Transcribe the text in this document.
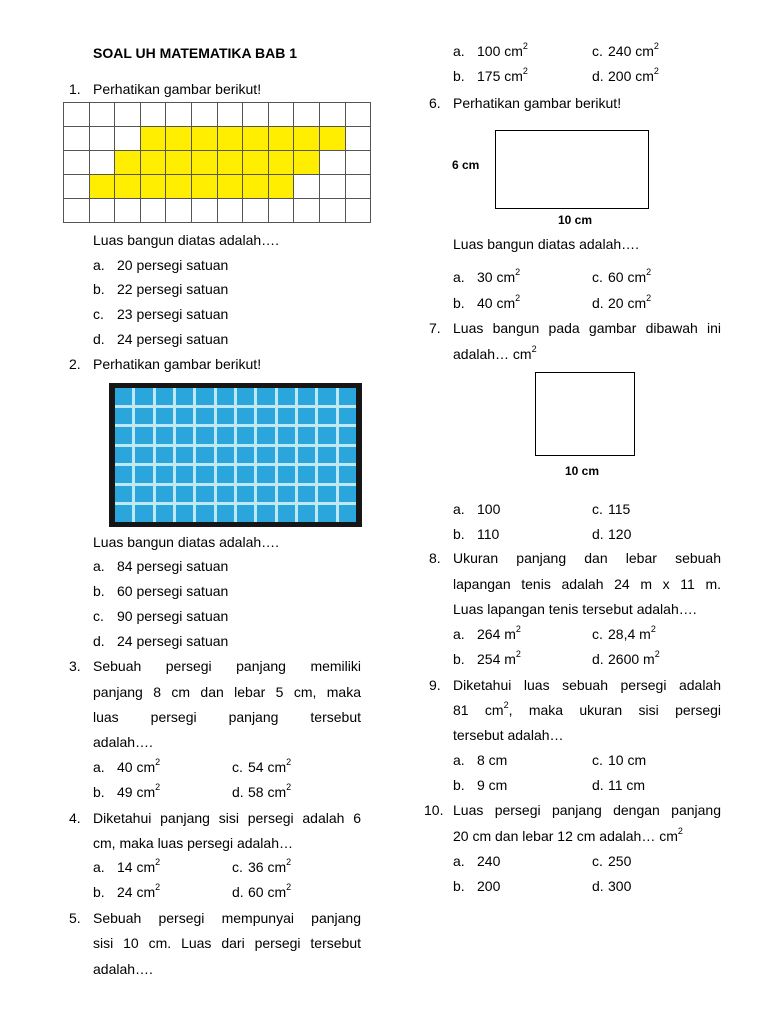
SOAL UH MATEMATIKA BAB 1
1. Perhatikan gambar berikut!

Luas bangun diatas adalah….
a. 20 persegi satuan
b. 22 persegi satuan
c. 23 persegi satuan
d. 24 persegi satuan
2. Perhatikan gambar berikut!
Luas bangun diatas adalah….
a. 84 persegi satuan
b. 60 persegi satuan
c. 90 persegi satuan
d. 24 persegi satuan
3. Sebuah persegi panjang memiliki
panjang 8 cm dan lebar 5 cm, maka
luas persegi panjang tersebut
adalah….
a. 40 $cm^2$	c. 54 $cm^2$
b. 49 $cm^2$	d. 58 $cm^2$
4. Diketahui panjang sisi persegi adalah 6
cm, maka luas persegi adalah…
a. 14 $cm^2$	c. 36 $cm^2$
b. 24 $cm^2$	d. 60 $cm^2$
5. Sebuah persegi mempunyai panjang
sisi 10 cm. Luas dari persegi tersebut
adalah….
a. 100 $cm^2$	c. 240 $cm^2$
b. 175 $cm^2$	d. 200 $cm^2$
6. Perhatikan gambar berikut!
6 cm
10 cm
Luas bangun diatas adalah….
a. 30 $cm^2$	c. 60 $cm^2$
b. 40 $cm^2$	d. 20 $cm^2$
7. Luas bangun pada gambar dibawah ini
adalah… $cm^2$
10 cm
a. 100	c. 115
b. 110	d. 120
8. Ukuran panjang dan lebar sebuah
lapangan tenis adalah 24 m x 11 m.
Luas lapangan tenis tersebut adalah….
a. 264 $m^2$	c. 28,4 $m^2$
b. 254 $m^2$	d. 2600 $m^2$
9. Diketahui luas sebuah persegi adalah
81 $cm^2$, maka ukuran sisi persegi
tersebut adalah…
a. 8 cm	c. 10 cm
b. 9 cm	d. 11 cm
10. Luas persegi panjang dengan panjang
20 cm dan lebar 12 cm adalah… $cm^2$
a. 240	c. 250
b. 200	d. 300
